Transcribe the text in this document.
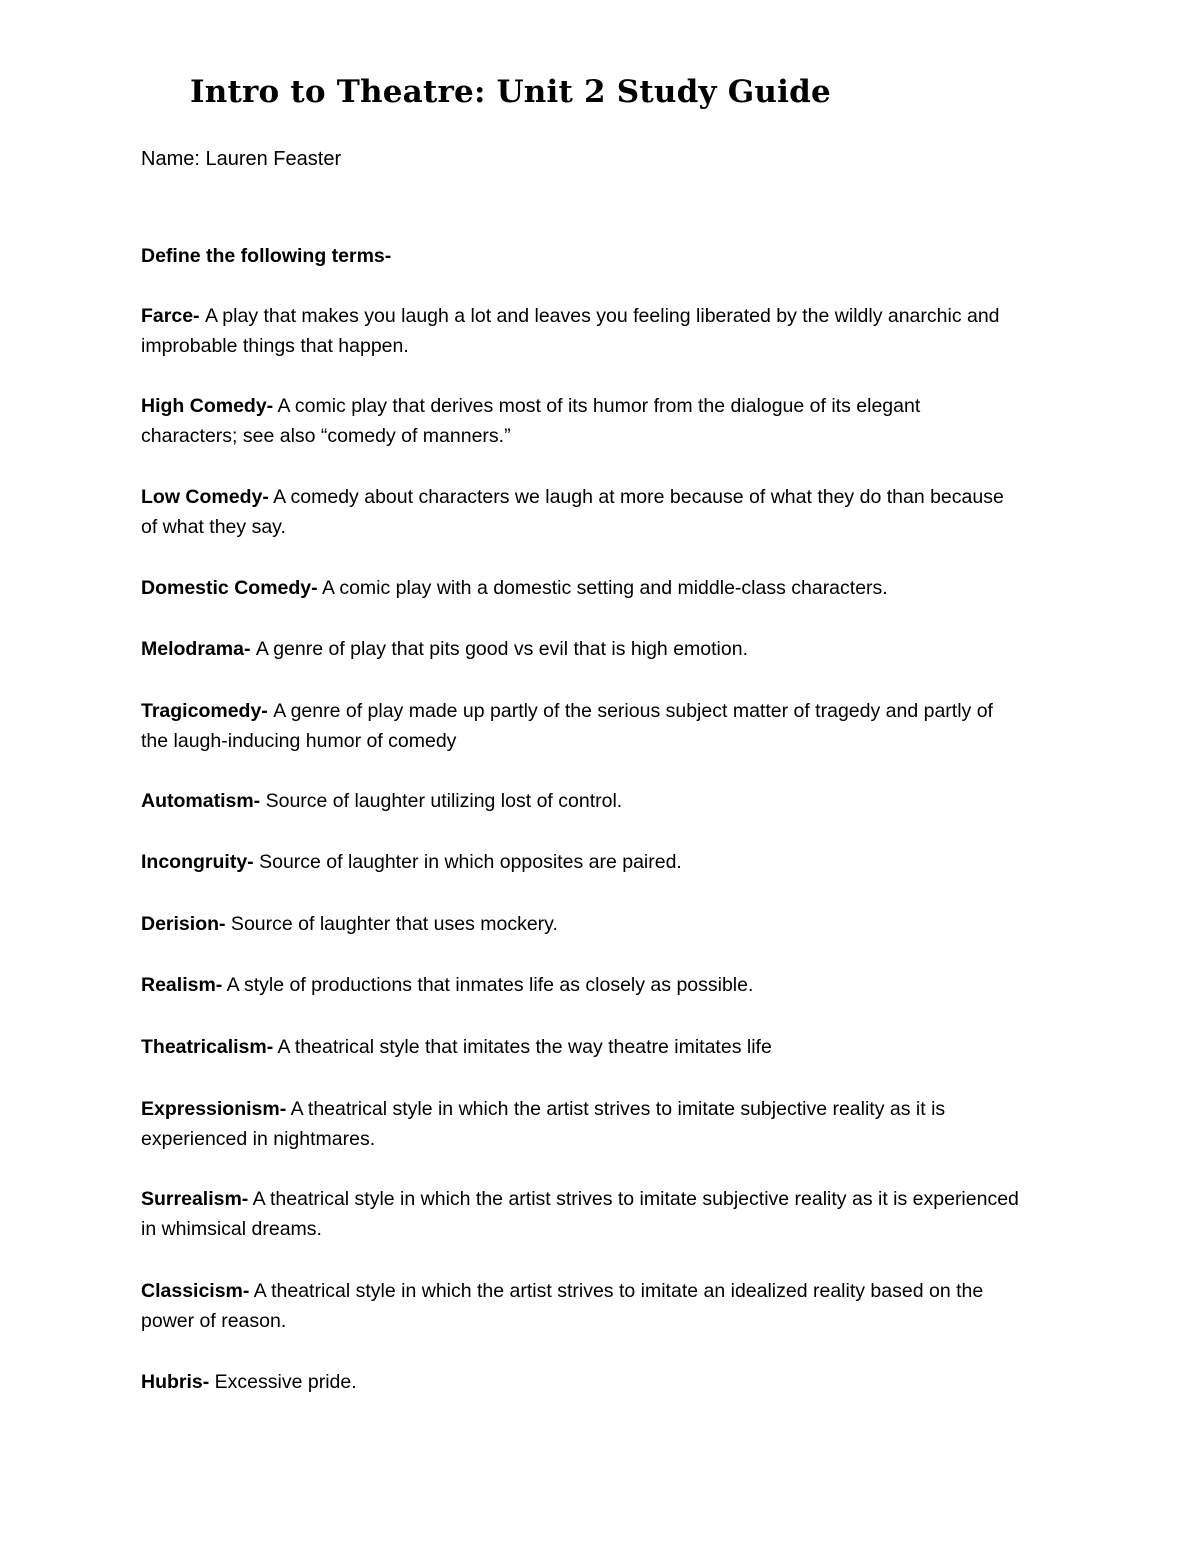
Intro to Theatre: Unit 2 Study Guide
Name: Lauren Feaster
Define the following terms-

Farce- A play that makes you laugh a lot and leaves you feeling liberated by the wildly anarchic and improbable things that happen.

High Comedy- A comic play that derives most of its humor from the dialogue of its elegant characters; see also “comedy of manners.”

Low Comedy- A comedy about characters we laugh at more because of what they do than because of what they say.

Domestic Comedy- A comic play with a domestic setting and middle-class characters.

Melodrama- A genre of play that pits good vs evil that is high emotion.

Tragicomedy- A genre of play made up partly of the serious subject matter of tragedy and partly of the laugh-inducing humor of comedy

Automatism- Source of laughter utilizing lost of control.

Incongruity- Source of laughter in which opposites are paired.

Derision- Source of laughter that uses mockery.

Realism- A style of productions that inmates life as closely as possible.

Theatricalism- A theatrical style that imitates the way theatre imitates life

Expressionism- A theatrical style in which the artist strives to imitate subjective reality as it is experienced in nightmares.

Surrealism- A theatrical style in which the artist strives to imitate subjective reality as it is experienced in whimsical dreams.

Classicism- A theatrical style in which the artist strives to imitate an idealized reality based on the power of reason.

Hubris- Excessive pride.
